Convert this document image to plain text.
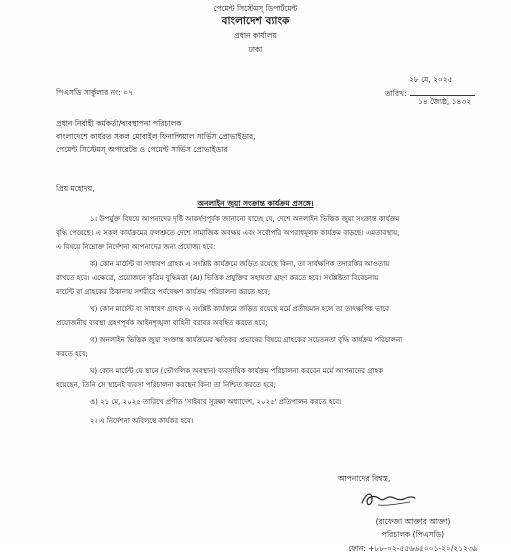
পেমেন্ট সিস্টেমস্‌ ডিপার্টমেন্ট
বাংলাদেশ ব্যাংক
প্রধান কার্যালয়
ঢাকা
২৮ মে, ২০২৫
তারিখ:
১৪ জ্যৈষ্ঠ, ১৪৩২
পিএসডি সার্কুলার নং: ০৭
প্রধান নির্বাহী কর্মকর্তা/ব্যবস্থাপনা পরিচালক
বাংলাদেশে কার্যরত সকল মোবাইল ফিনান্সিয়াল সার্ভিস প্রোভাইডার,
পেমেন্ট সিস্টেমস্‌ অপারেটর ও পেমেন্ট সার্ভিস প্রোভাইডার
প্রিয় মহোদয়,
অনলাইন জুয়া সংক্রান্ত কার্যক্রম প্রসঙ্গে।
১। উপর্যুক্ত বিষয়ে আপনাদের দৃষ্টি আকর্ষণপূর্বক জানানো যাচ্ছে যে, দেশে অনলাইন ভিত্তিক জুয়া সংক্রান্ত কার্যক্রম
বৃদ্ধি পেয়েছে। এ সকল কার্যক্রমের ফলশ্রুতে দেশে সামাজিক অবক্ষয় এবং সর্বোপরি অপরাধমূলক কার্যক্রম বাড়ছে। এমতাবস্থায়,
এ বিষয়ে নিম্নোক্ত নির্দেশনা আপনাদের জন্য প্রযোজ্য হবে:
ক) কোন মার্চেন্ট বা সাধারণ গ্রাহক এ সংশ্লিষ্ট কার্যক্রমে জড়িত রয়েছে কিনা, তা সার্বক্ষণিক তদারকির আওতায়
রাখতে হবে। এক্ষেত্রে, প্রয়োজনে কৃত্রিম বুদ্ধিমত্তা (AI) ভিত্তিক প্রযুক্তির সহায়তা গ্রহণ করতে হবে। সংশ্লিষ্টতা বিবেচনায়
মার্চেন্ট বা গ্রাহকের ঠিকানায় সশরীরে পর্যবেক্ষণ কার্যক্রম পরিচালনা করতে হবে;
খ) কোন মার্চেন্ট বা সাধারণ গ্রাহক এ সংশ্লিষ্ট কার্যক্রমে জড়িত রয়েছে মর্মে প্রতীয়মান হলে তা তাৎক্ষণিক ভাবে
প্রয়োজনীয় ব্যবস্থা গ্রহণপূর্বক আইনশৃঙ্খলা বাহিনী বরাবর অবহিত করতে হবে;
গ) অনলাইন ভিত্তিক জুয়া সংক্রান্ত কার্যক্রমের ক্ষতিকর প্রভাবের বিষয়ে গ্রাহকের সচেতনতা বৃদ্ধি কার্যক্রম পরিচালনা
করতে হবে;
ঘ) কোন মার্চেন্ট যে স্থানে (ভৌগলিক অবস্থান) ব্যবসায়িক কার্যক্রম পরিচালনা করবেন মর্মে আপনাদের গ্রাহক
হয়েছেন, তিনি সে স্থানেই ব্যবসা পরিচালনা করছেন কিনা তা নিশ্চিত করতে হবে;
ঙ) ২১ মে, ২০২৫ তারিখে প্রণীত 'সাইবার সুরক্ষা অধ্যাদেশ, ২০২৫' প্রতিপালন করতে হবে।
২। এ নির্দেশনা অবিলম্বে কার্যকর হবে।
আপনাদের বিশ্বস্ত,
(রাফেজা আক্তার আক্তা)
পরিচালক (পিএসডি)
ফোন: +৮৮-০২-৫৫৬৬৫০০১-২০/২১২৩৯
